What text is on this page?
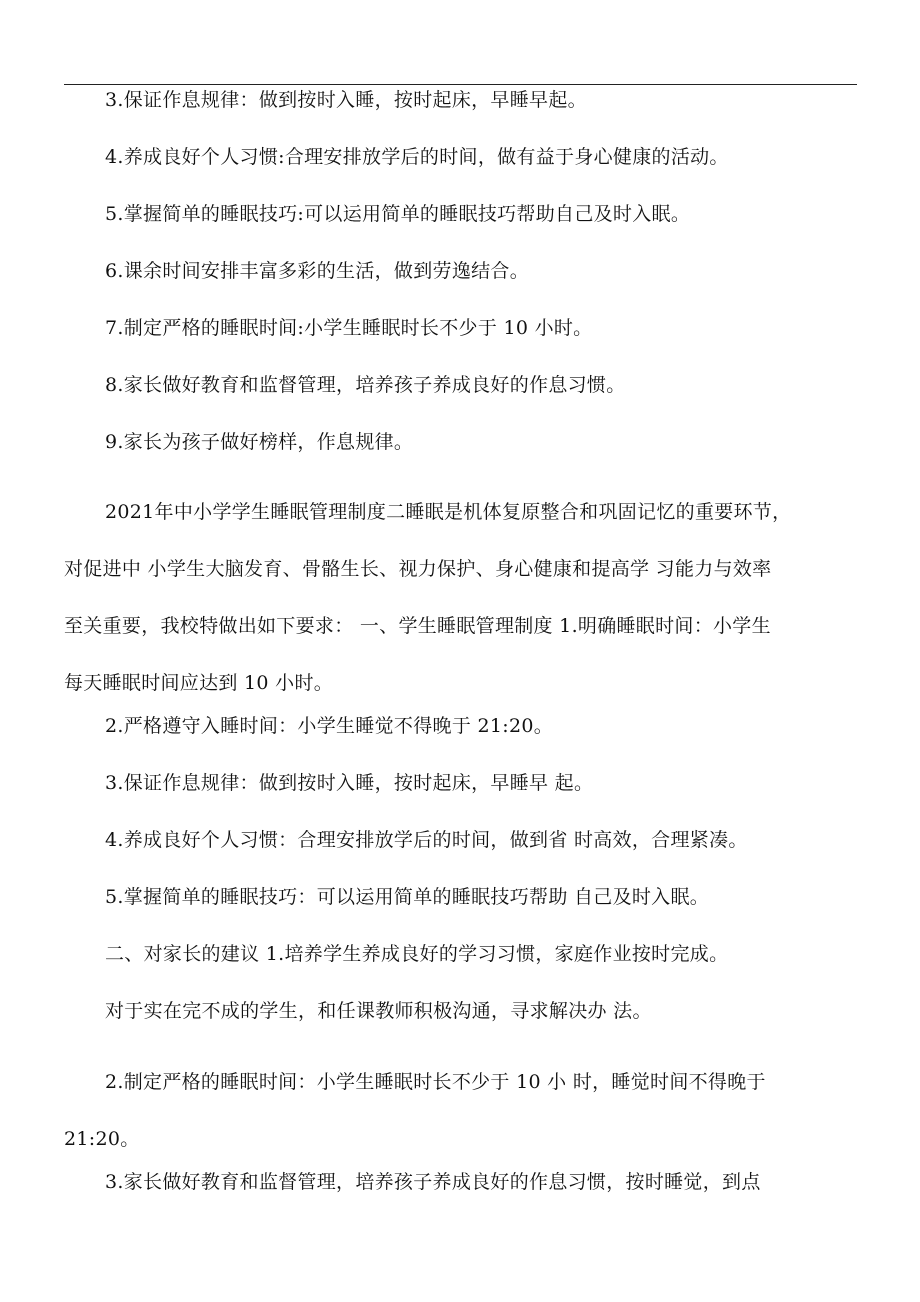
3.保证作息规律：做到按时入睡，按时起床，早睡早起。

4.养成良好个人习惯:合理安排放学后的时间，做有益于身心健康的活动。

5.掌握简单的睡眠技巧:可以运用简单的睡眠技巧帮助自己及时入眠。

6.课余时间安排丰富多彩的生活，做到劳逸结合。

7.制定严格的睡眠时间:小学生睡眠时长不少于 10 小时。

8.家长做好教育和监督管理，培养孩子养成良好的作息习惯。

9.家长为孩子做好榜样，作息规律。

2021年中小学学生睡眠管理制度二睡眠是机体复原整合和巩固记忆的重要环节，
对促进中 小学生大脑发育、骨骼生长、视力保护、身心健康和提高学 习能力与效率
至关重要，我校特做出如下要求： 一、学生睡眠管理制度 1.明确睡眠时间：小学生
每天睡眠时间应达到 10 小时。

2.严格遵守入睡时间：小学生睡觉不得晚于 21:20。

3.保证作息规律：做到按时入睡，按时起床，早睡早 起。

4.养成良好个人习惯：合理安排放学后的时间，做到省 时高效，合理紧凑。

5.掌握简单的睡眠技巧：可以运用简单的睡眠技巧帮助 自己及时入眠。

二、对家长的建议 1.培养学生养成良好的学习习惯，家庭作业按时完成。

对于实在完不成的学生，和任课教师积极沟通，寻求解决办 法。

2.制定严格的睡眠时间：小学生睡眠时长不少于 10 小 时，睡觉时间不得晚于
21:20。

3.家长做好教育和监督管理，培养孩子养成良好的作息习惯，按时睡觉，到点
